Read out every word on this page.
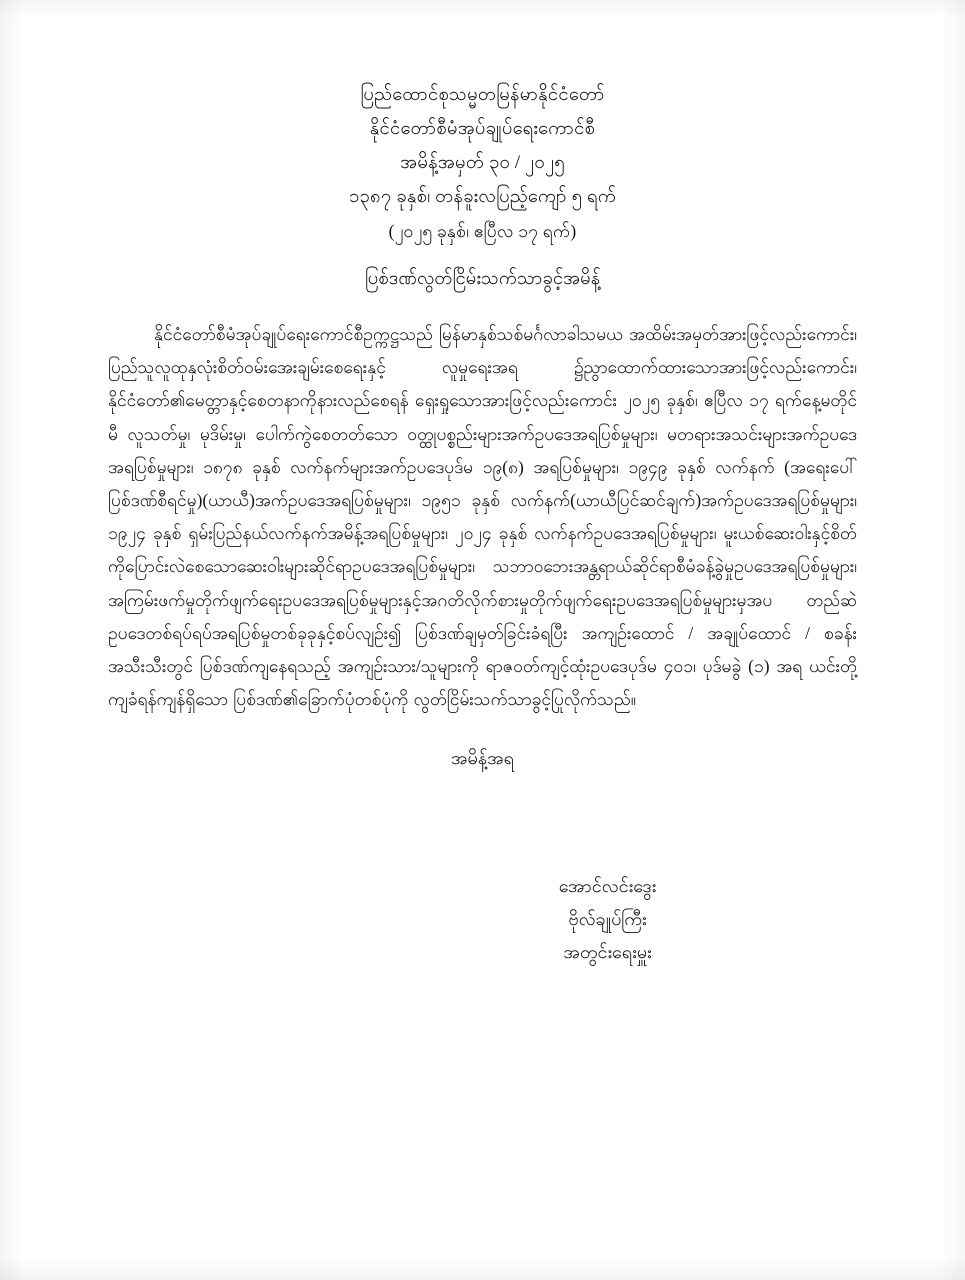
ပြည်ထောင်စုသမ္မတမြန်မာနိုင်ငံတော်
နိုင်ငံတော်စီမံအုပ်ချုပ်ရေးကောင်စီ
အမိန့်အမှတ် ၃၀ / ၂၀၂၅
၁၃၈၇ ခုနှစ်၊ တန်ခူးလပြည့်ကျော် ၅ ရက်
(၂၀၂၅ ခုနှစ်၊ ဧပြီလ ၁၇ ရက်)
ပြစ်ဒဏ်လွတ်ငြိမ်းသက်သာခွင့်အမိန့်

နိုင်ငံတော်စီမံအုပ်ချုပ်ရေးကောင်စီဥက္ကဋ္ဌသည် မြန်မာနှစ်သစ်မင်္ဂလာခါသမယ အထိမ်းအမှတ်အားဖြင့်လည်းကောင်း၊ ပြည်သူလူထုနှလုံးစိတ်ဝမ်းအေးချမ်းစေရေးနှင့် လူမှုရေးအရ ၌ညွာထောက်ထားသောအားဖြင့်လည်းကောင်း၊ နိုင်ငံတော်၏မေတ္တာနှင့်စေတနာကိုနားလည်စေရန် ရှေးရှုသောအားဖြင့်လည်းကောင်း ၂၀၂၅ ခုနှစ်၊ ဧပြီလ ၁၇ ရက်နေ့မတိုင်မီ လူသတ်မှု၊ မုဒိမ်းမှု၊ ပေါက်ကွဲစေတတ်သော ဝတ္ထုပစ္စည်းများအက်ဥပဒေအရပြစ်မှုများ၊ မတရားအသင်းများအက်ဥပဒေအရပြစ်မှုများ၊ ၁၈၇၈ ခုနှစ် လက်နက်များအက်ဥပဒေပုဒ်မ ၁၉(၈) အရပြစ်မှုများ၊ ၁၉၄၉ ခုနှစ် လက်နက် (အရေးပေါ်ပြစ်ဒဏ်စီရင်မှု)(ယာယီ)အက်ဥပဒေအရပြစ်မှုများ၊ ၁၉၅၁ ခုနှစ် လက်နက်(ယာယီပြင်ဆင်ချက်)အက်ဥပဒေအရပြစ်မှုများ၊ ၁၉၂၄ ခုနှစ် ရှမ်းပြည်နယ်လက်နက်အမိန့်အရပြစ်မှုများ၊ ၂၀၂၄ ခုနှစ် လက်နက်ဥပဒေအရပြစ်မှုများ၊ မူးယစ်ဆေးဝါးနှင့်စိတ်ကိုပြောင်းလဲစေသောဆေးဝါးများဆိုင်ရာဥပဒေအရပြစ်မှုများ၊ သဘာဝဘေးအန္တရာယ်ဆိုင်ရာစီမံခန့်ခွဲမှုဥပဒေအရပြစ်မှုများ၊ အကြမ်းဖက်မှုတိုက်ဖျက်ရေးဥပဒေအရပြစ်မှုများနှင့်အဂတိလိုက်စားမှုတိုက်ဖျက်ရေးဥပဒေအရပြစ်မှုများမှအပ တည်ဆဲဥပဒေတစ်ရပ်ရပ်အရပြစ်မှုတစ်ခုခုနှင့်စပ်လျဉ်း၍ ပြစ်ဒဏ်ချမှတ်ခြင်းခံရပြီး အကျဉ်းထောင် / အချုပ်ထောင် / စခန်းအသီးသီးတွင် ပြစ်ဒဏ်ကျနေရသည့် အကျဉ်းသား/သူများကို ရာဇဝတ်ကျင့်ထုံးဥပဒေပုဒ်မ ၄၀၁၊ ပုဒ်မခွဲ (၁) အရ ယင်းတို့ကျခံရန်ကျန်ရှိသော ပြစ်ဒဏ်၏ခြောက်ပုံတစ်ပုံကို လွတ်ငြိမ်းသက်သာခွင့်ပြုလိုက်သည်။

အမိန့်အရ
အောင်လင်းဒွေး
ဗိုလ်ချုပ်ကြီး
အတွင်းရေးမှူး
